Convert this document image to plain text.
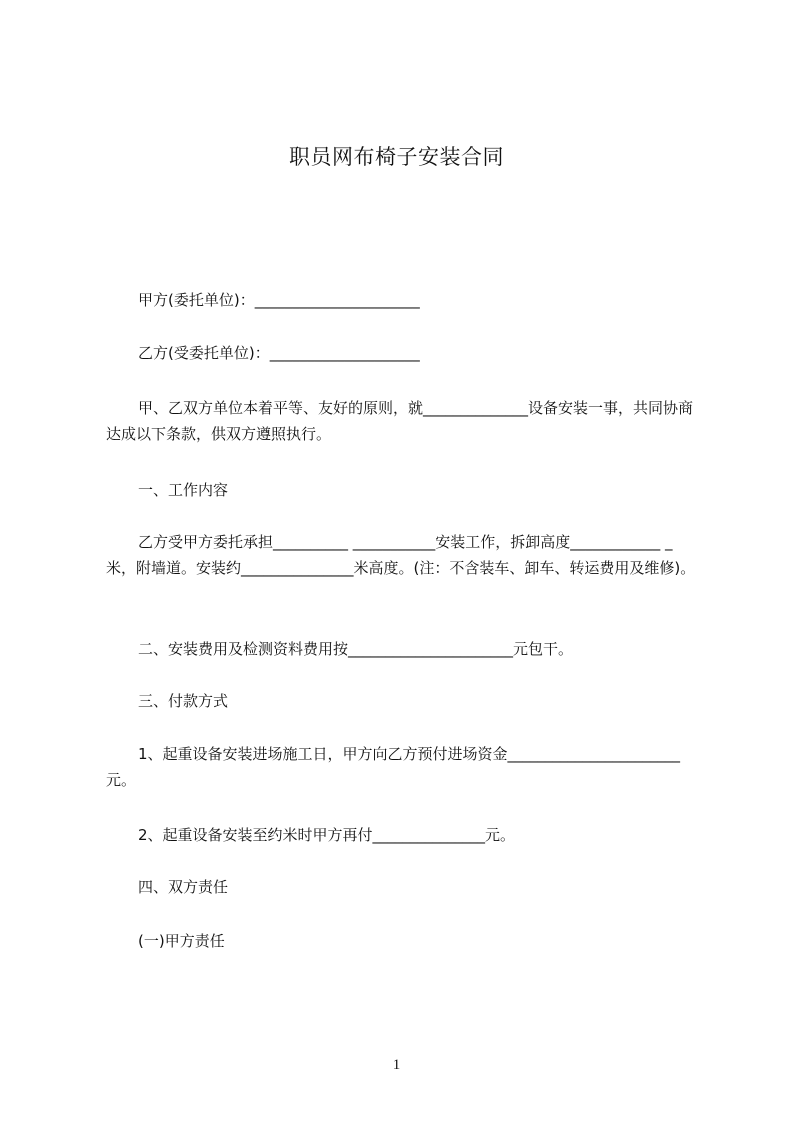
职员网布椅子安装合同
甲方(委托单位)：______________________
乙方(受委托单位)：____________________
甲、乙双方单位本着平等、友好的原则，就______________设备安装一事，共同协商达成以下条款，供双方遵照执行。
一、工作内容
乙方受甲方委托承担__________ ___________安装工作，拆卸高度____________ _米，附墙道。安装约_______________米高度。(注：不含装车、卸车、转运费用及维修)。
二、安装费用及检测资料费用按______________________元包干。
三、付款方式
1、起重设备安装进场施工日，甲方向乙方预付进场资金_______________________元。
2、起重设备安装至约米时甲方再付_______________元。
四、双方责任
(一)甲方责任
1
